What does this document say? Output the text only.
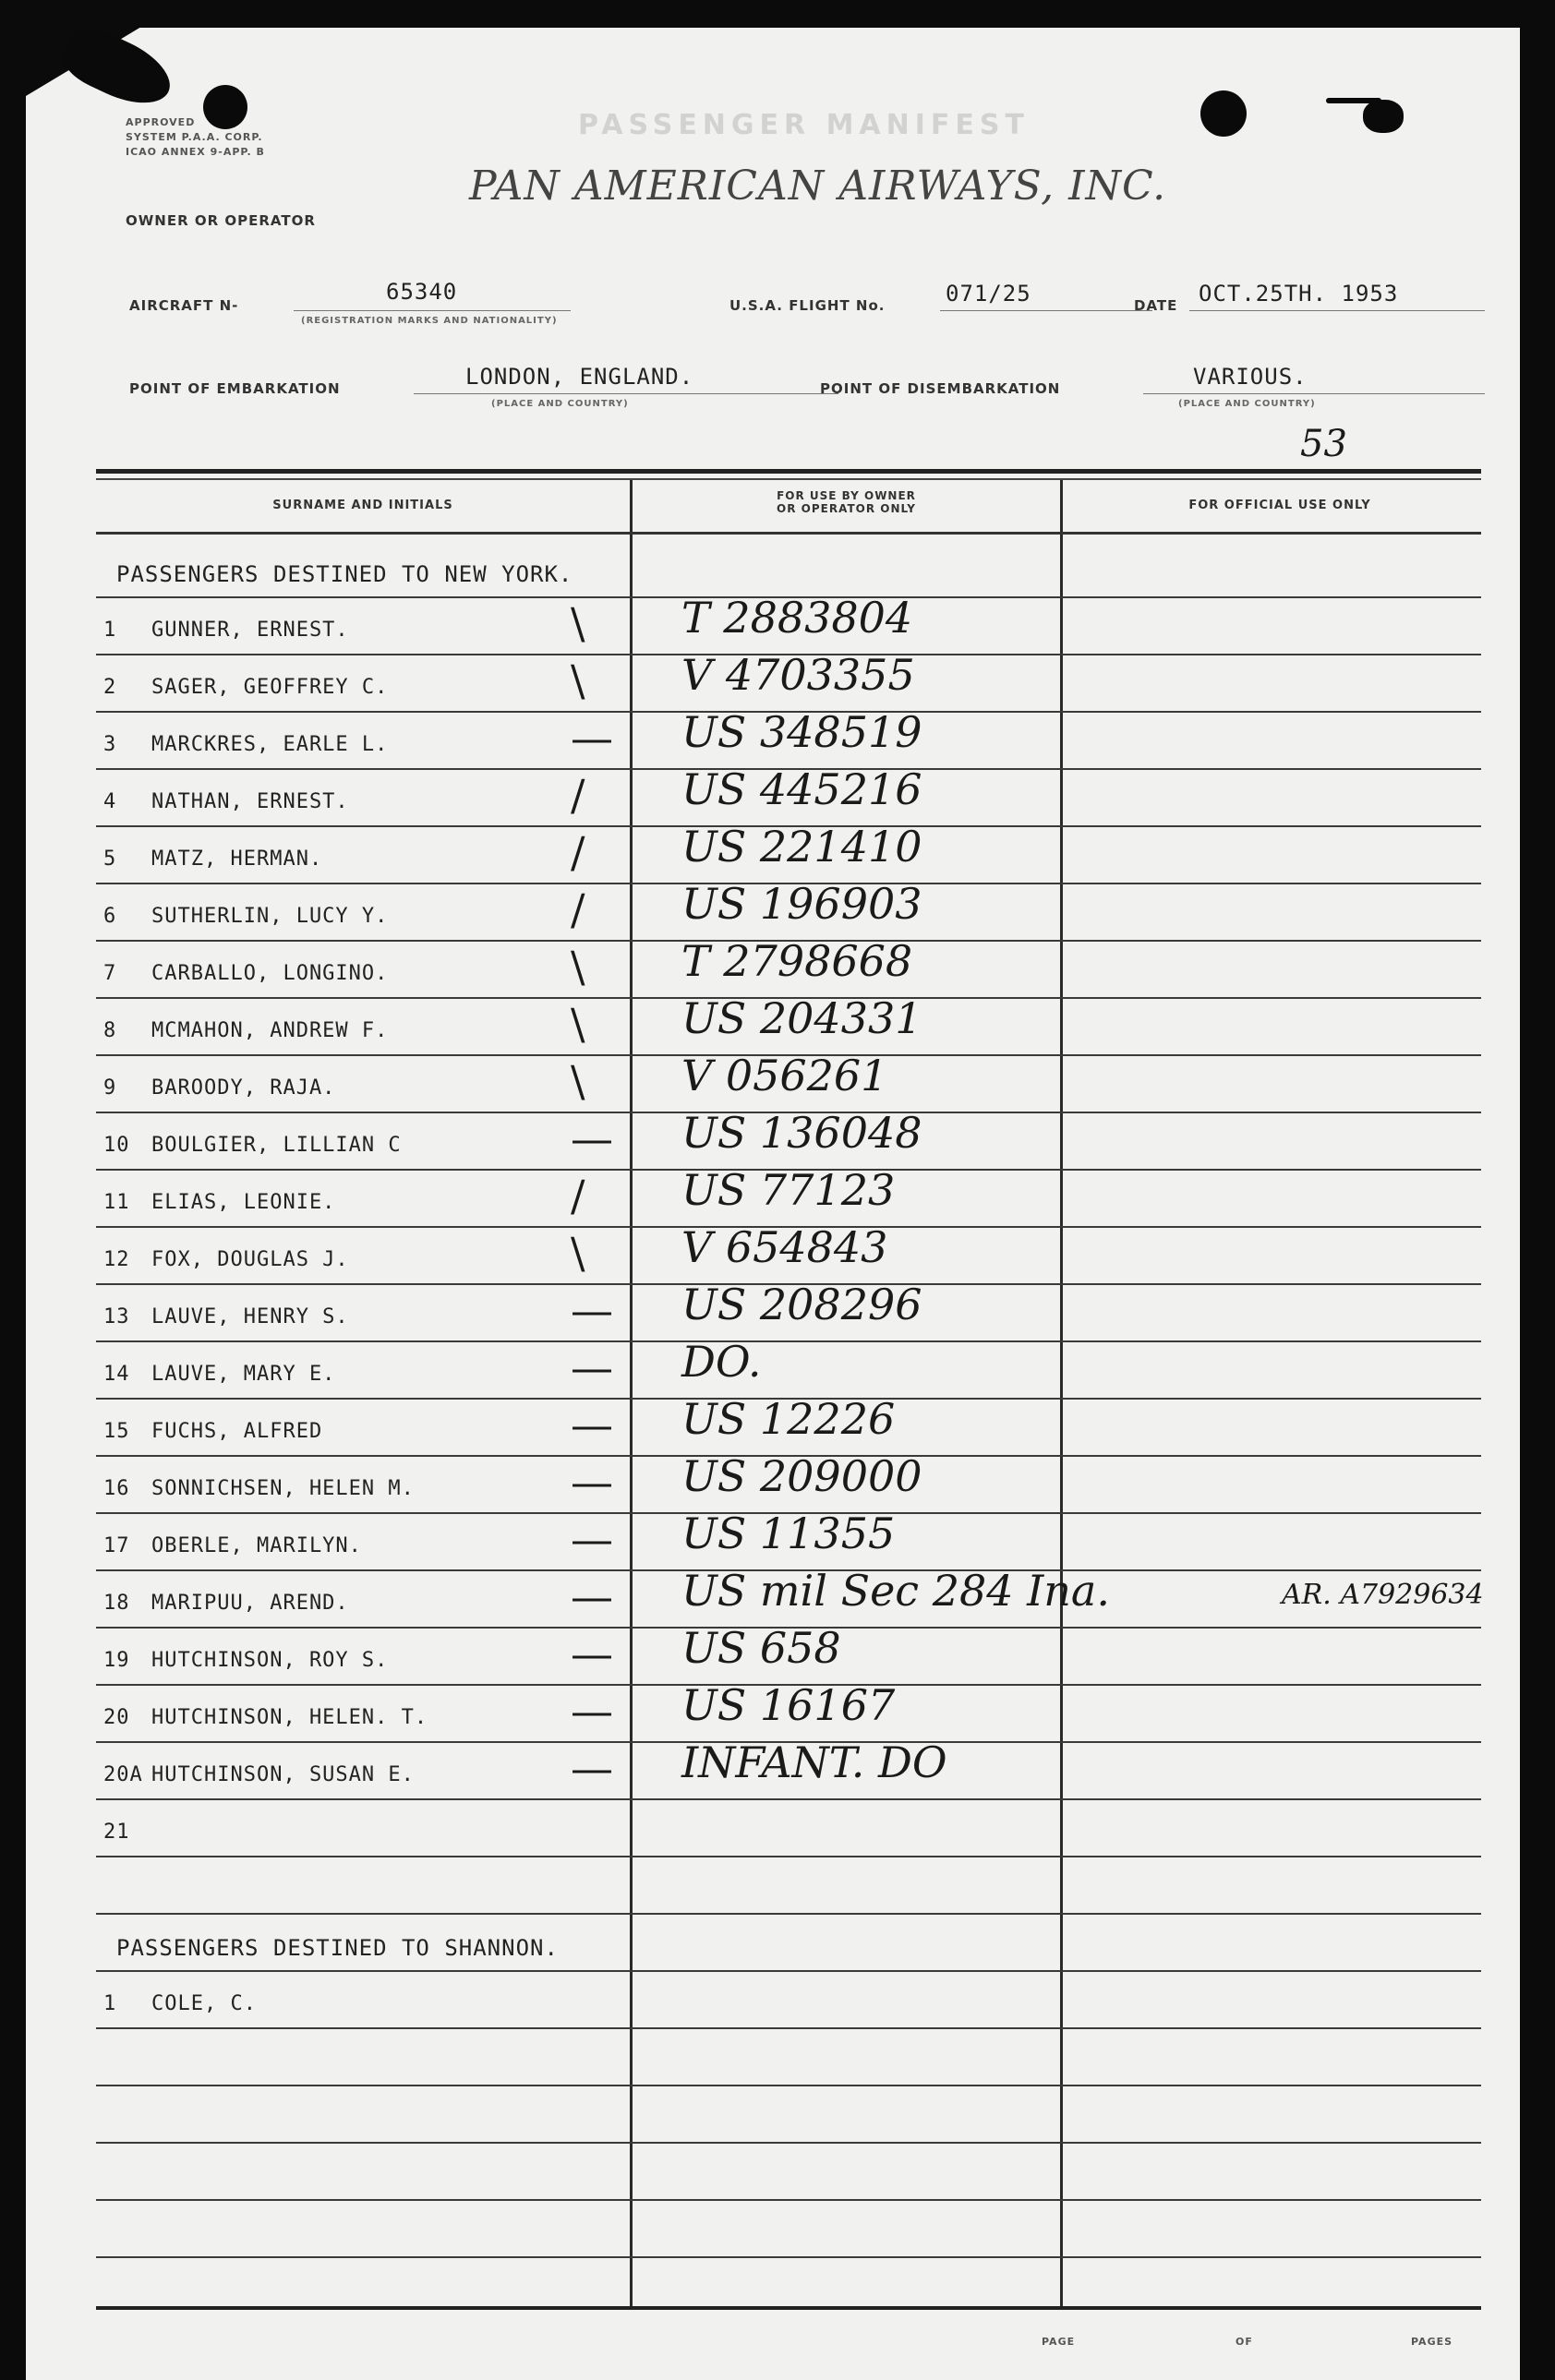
APPROVED
SYSTEM P.A.A. CORP.
ICAO ANNEX 9-APP. B
PASSENGER MANIFEST
PAN AMERICAN AIRWAYS, INC.
OWNER OR OPERATOR
AIRCRAFT N-
65340
(REGISTRATION MARKS AND NATIONALITY)
U.S.A. FLIGHT No.	071/25	DATE OCT.25TH. 1953
POINT OF EMBARKATION	LONDON, ENGLAND.
(PLACE AND COUNTRY)
POINT OF DISEMBARKATION	VARIOUS.
(PLACE AND COUNTRY)
53
SURNAME AND INITIALS
FOR USE BY OWNER
OR OPERATOR ONLY	FOR OFFICIAL USE ONLY
PASSENGERS DESTINED TO NEW YORK.
1 GUNNER, ERNEST.	\ T 2883804
2 SAGER, GEOFFREY C.	\ V 4703355
3 MARCKRES, EARLE L.	— US 348519
4 NATHAN, ERNEST.	/ US 445216
5 MATZ, HERMAN.	/ US 221410
6 SUTHERLIN, LUCY Y.	/ US 196903
7 CARBALLO, LONGINO.	\ T 2798668
8 MCMAHON, ANDREW F.	\ US 204331
9 BAROODY, RAJA.	\ V 056261
10 BOULGIER, LILLIAN C	— US 136048
11 ELIAS, LEONIE.	/ US 77123
12 FOX, DOUGLAS J.	\ V 654843
13 LAUVE, HENRY S.	— US 208296
14 LAUVE, MARY E.	— DO.
15 FUCHS, ALFRED	— US 12226
16 SONNICHSEN, HELEN M.	— US 209000
17 OBERLE, MARILYN.	— US 11355
18 MARIPUU, AREND.	— US mil Sec 284 Ina.	AR. A7929634
19 HUTCHINSON, ROY S.	— US 658
20 HUTCHINSON, HELEN. T.	— US 16167
20A HUTCHINSON, SUSAN E.	— INFANT. DO
21
PASSENGERS DESTINED TO SHANNON.
1 COLE, C.
PAGE	OF	PAGES
